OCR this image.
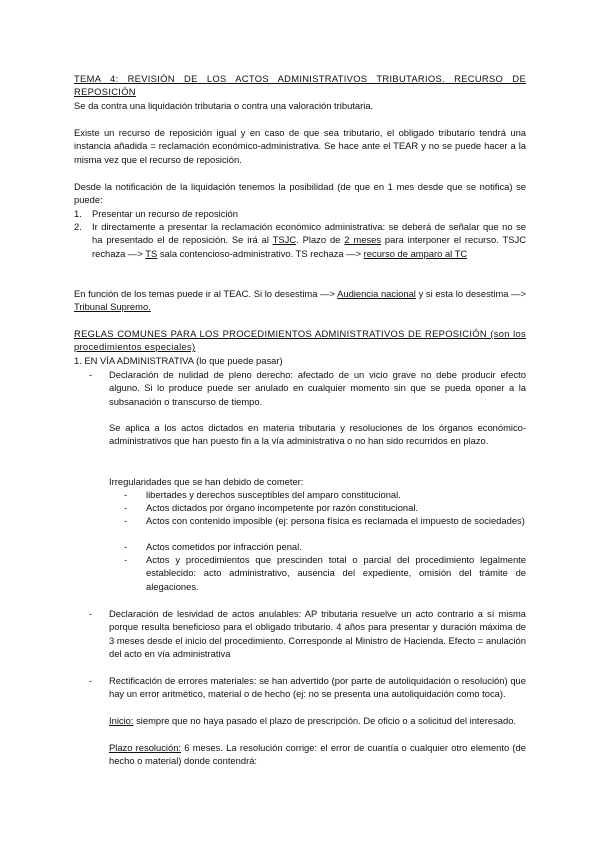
TEMA 4: REVISIÓN DE LOS ACTOS ADMINISTRATIVOS TRIBUTARIOS. RECURSO DE REPOSICIÓN

Se da contra una liquidación tributaria o contra una valoración tributaria.

Existe un recurso de reposición igual y en caso de que sea tributario, el obligado tributario tendrá una instancia añadida = reclamación económico-administrativa. Se hace ante el TEAR y no se puede hacer a la misma vez que el recurso de reposición.

Desde la notificación de la liquidación tenemos la posibilidad (de que en 1 mes desde que se notifica) se puede:

1. Presentar un recurso de reposición
2. Ir directamente a presentar la reclamación económico administrativa: se deberá de señalar que no se ha presentado el de reposición. Se irá al TSJC. Plazo de 2 meses para interponer el recurso. TSJC rechaza —> TS sala contencioso-administrativo. TS rechaza —> recurso de amparo al TC

En función de los temas puede ir al TEAC. Si lo desestima —> Audiencia nacional y si esta lo desestima —> Tribunal Supremo.

REGLAS COMUNES PARA LOS PROCEDIMIENTOS ADMINISTRATIVOS DE REPOSICIÓN (son los procedimientos especiales)

1. EN VÍA ADMINISTRATIVA (lo que puede pasar)

- Declaración de nulidad de pleno derecho: afectado de un vicio grave no debe producir efecto alguno. Si lo produce puede ser anulado en cualquier momento sin que se pueda oponer a la subsanación o transcurso de tiempo.
Se aplica a los actos dictados en materia tributaria y resoluciones de los órganos económico-administrativos que han puesto fin a la vía administrativa o no han sido recurridos en plazo.
Irregularidades que se han debido de cometer:
- libertades y derechos susceptibles del amparo constitucional.
- Actos dictados por órgano incompetente por razón constitucional.
- Actos con contenido imposible (ej: persona física es reclamada el impuesto de sociedades)
- Actos cometidos por infracción penal.
- Actos y procedimientos que prescinden total o parcial del procedimiento legalmente establecido: acto administrativo, ausencia del expediente, omisión del trámite de alegaciones.
- Declaración de lesividad de actos anulables: AP tributaria resuelve un acto contrario a sí misma porque resulta beneficioso para el obligado tributario. 4 años para presentar y duración máxima de 3 meses desde el inicio del procedimiento. Corresponde al Ministro de Hacienda. Efecto = anulación del acto en vía administrativa
- Rectificación de errores materiales: se han advertido (por parte de autoliquidación o resolución) que hay un error aritmético, material o de hecho (ej: no se presenta una autoliquidación como toca).
Inicio: siempre que no haya pasado el plazo de prescripción. De oficio o a solicitud del interesado.
Plazo resolución: 6 meses. La resolución corrige: el error de cuantía o cualquier otro elemento (de hecho o material) donde contendrá:
